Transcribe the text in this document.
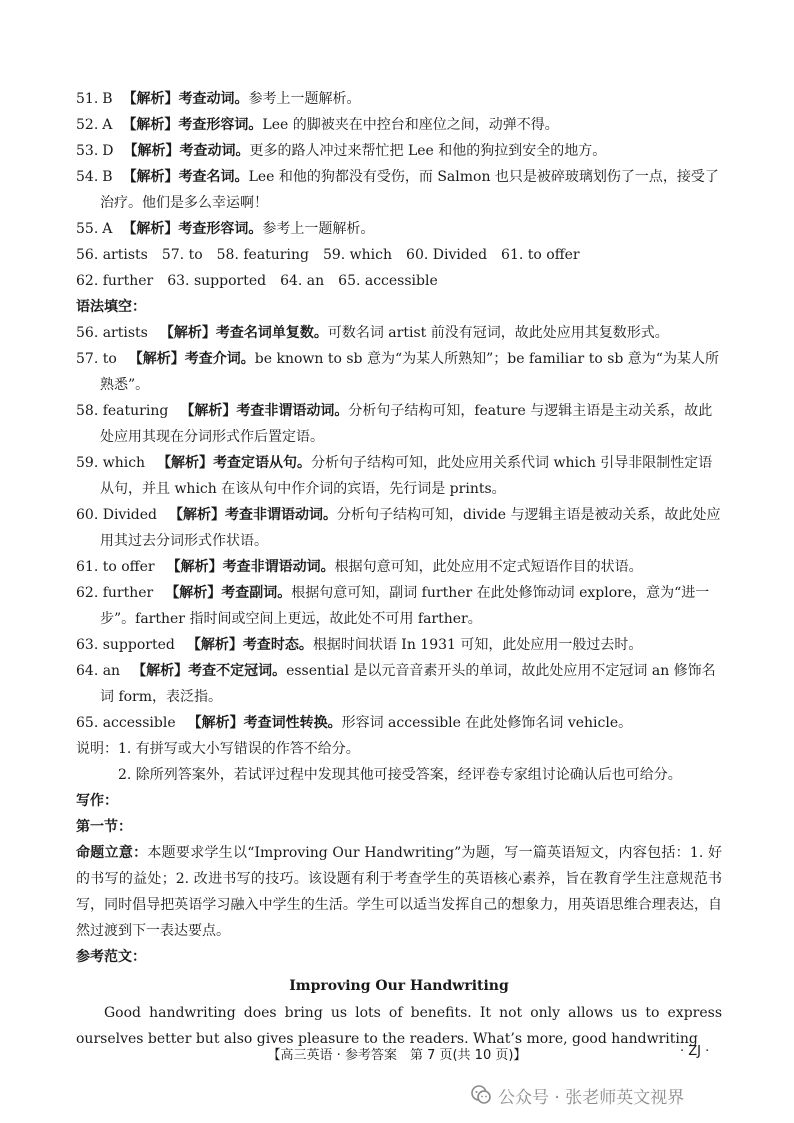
51. B 【解析】考查动词。参考上一题解析。
52. A 【解析】考查形容词。Lee 的脚被夹在中控台和座位之间，动弹不得。
53. D 【解析】考查动词。更多的路人冲过来帮忙把 Lee 和他的狗拉到安全的地方。
54. B 【解析】考查名词。Lee 和他的狗都没有受伤，而 Salmon 也只是被碎玻璃划伤了一点，接受了治疗。他们是多么幸运啊！
55. A 【解析】考查形容词。参考上一题解析。
56. artists 57. to 58. featuring 59. which 60. Divided 61. to offer
62. further 63. supported 64. an 65. accessible
语法填空：
56. artists 【解析】考查名词单复数。可数名词 artist 前没有冠词，故此处应用其复数形式。
57. to 【解析】考查介词。be known to sb 意为“为某人所熟知”；be familiar to sb 意为“为某人所熟悉”。
58. featuring 【解析】考查非谓语动词。分析句子结构可知，feature 与逻辑主语是主动关系，故此处应用其现在分词形式作后置定语。
59. which 【解析】考查定语从句。分析句子结构可知，此处应用关系代词 which 引导非限制性定语从句，并且 which 在该从句中作介词的宾语，先行词是 prints。
60. Divided 【解析】考查非谓语动词。分析句子结构可知，divide 与逻辑主语是被动关系，故此处应用其过去分词形式作状语。
61. to offer 【解析】考查非谓语动词。根据句意可知，此处应用不定式短语作目的状语。
62. further 【解析】考查副词。根据句意可知，副词 further 在此处修饰动词 explore，意为“进一步”。farther 指时间或空间上更远，故此处不可用 farther。
63. supported 【解析】考查时态。根据时间状语 In 1931 可知，此处应用一般过去时。
64. an 【解析】考查不定冠词。essential 是以元音音素开头的单词，故此处应用不定冠词 an 修饰名词 form，表泛指。
65. accessible 【解析】考查词性转换。形容词 accessible 在此处修饰名词 vehicle。
说明：1. 有拼写或大小写错误的作答不给分。
2. 除所列答案外，若试评过程中发现其他可接受答案，经评卷专家组讨论确认后也可给分。
写作：
第一节：
命题立意：本题要求学生以“Improving Our Handwriting”为题，写一篇英语短文，内容包括：1. 好的书写的益处；2. 改进书写的技巧。该设题有利于考查学生的英语核心素养，旨在教育学生注意规范书写，同时倡导把英语学习融入中学生的生活。学生可以适当发挥自己的想象力，用英语思维合理表达，自然过渡到下一表达要点。
参考范文：
Improving Our Handwriting
Good handwriting does bring us lots of benefits. It not only allows us to express ourselves better but also gives pleasure to the readers. What’s more, good handwriting
【高三英语 · 参考答案　第 7 页(共 10 页)】	· ZJ ·
公众号 · 张老师英文视界
